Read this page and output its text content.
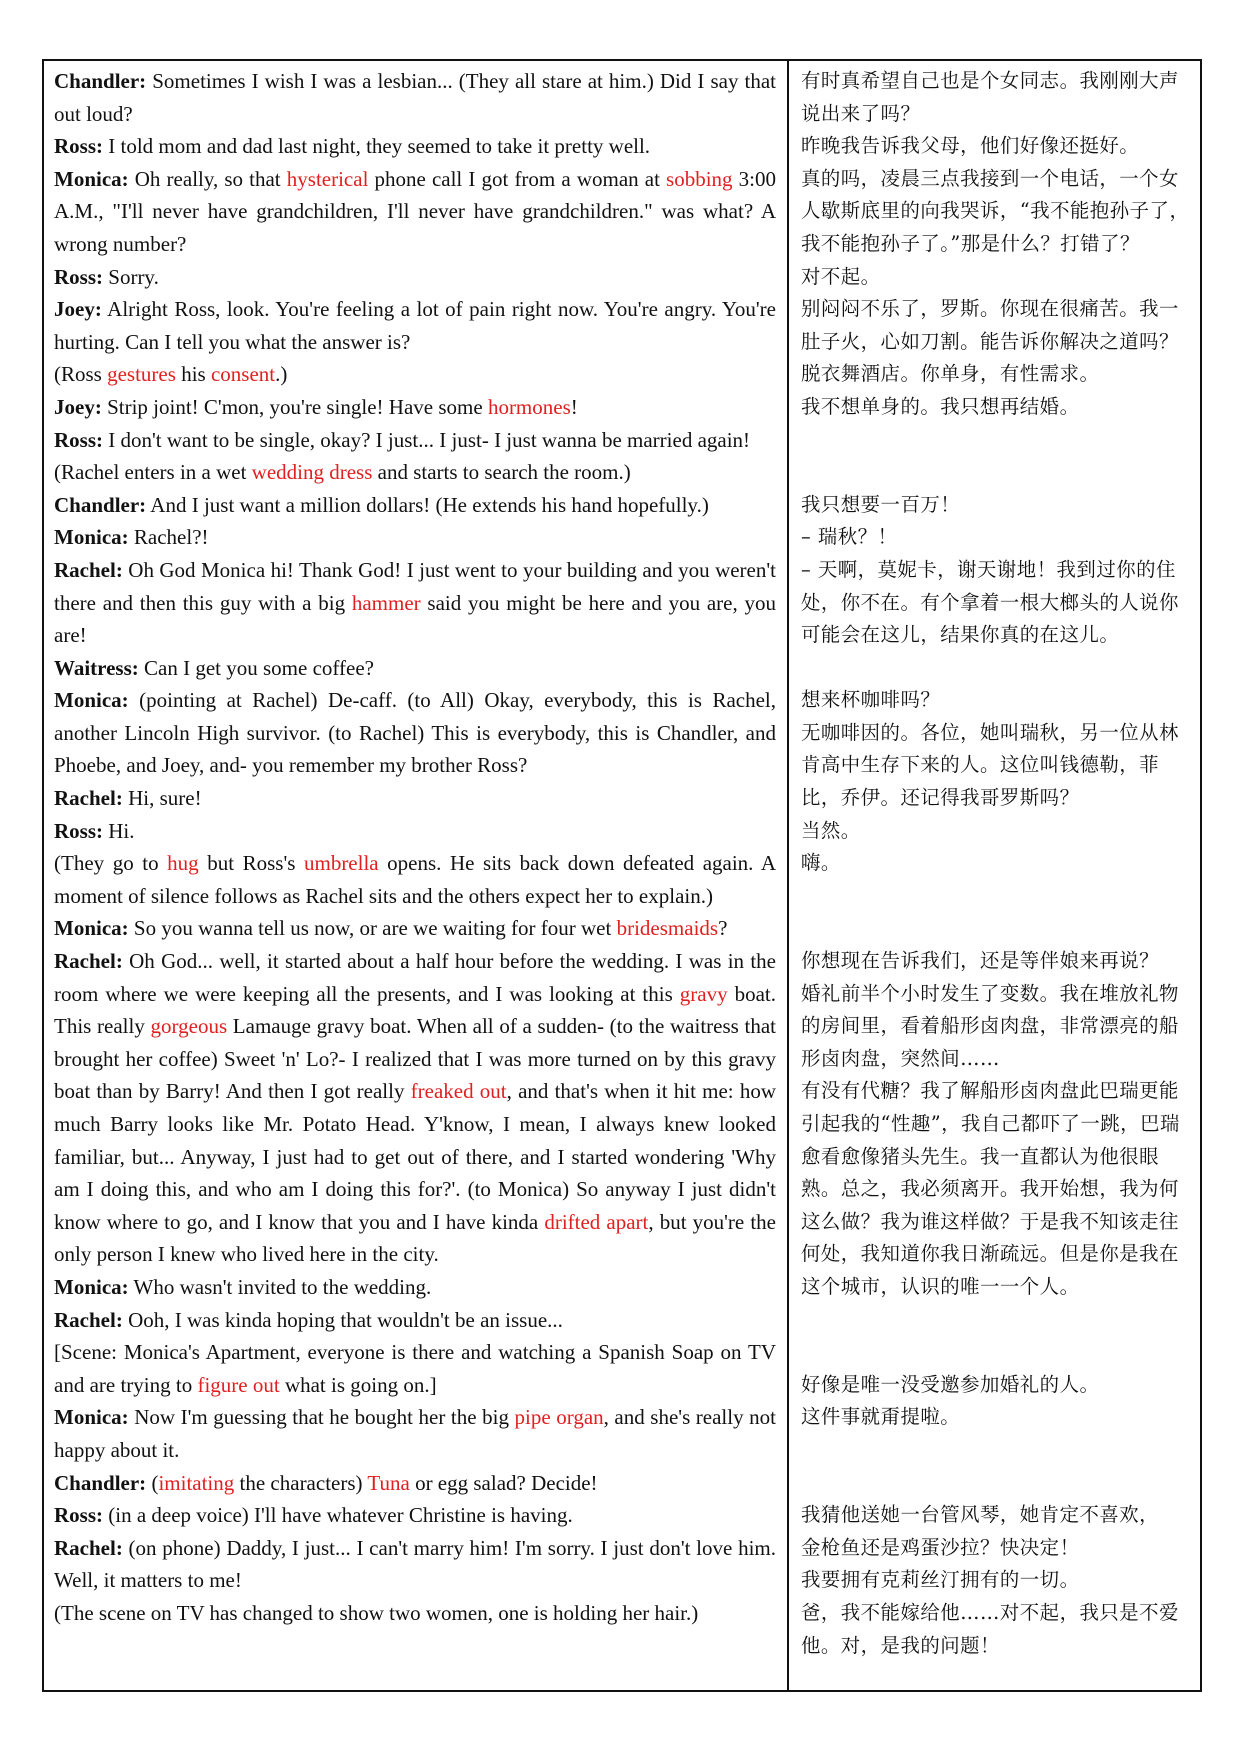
Chandler: Sometimes I wish I was a lesbian... (They all stare at him.) Did I say that out loud?

Ross: I told mom and dad last night, they seemed to take it pretty well.

Monica: Oh really, so that hysterical phone call I got from a woman at sobbing 3:00 A.M., "I'll never have grandchildren, I'll never have grandchildren." was what? A wrong number?

Ross: Sorry.

Joey: Alright Ross, look. You're feeling a lot of pain right now. You're angry. You're hurting. Can I tell you what the answer is?

(Ross gestures his consent.)

Joey: Strip joint! C'mon, you're single! Have some hormones!

Ross: I don't want to be single, okay? I just... I just- I just wanna be married again!

(Rachel enters in a wet wedding dress and starts to search the room.)

Chandler: And I just want a million dollars! (He extends his hand hopefully.)

Monica: Rachel?!

Rachel: Oh God Monica hi! Thank God! I just went to your building and you weren't there and then this guy with a big hammer said you might be here and you are, you are!

Waitress: Can I get you some coffee?

Monica: (pointing at Rachel) De-caff. (to All) Okay, everybody, this is Rachel, another Lincoln High survivor. (to Rachel) This is everybody, this is Chandler, and Phoebe, and Joey, and- you remember my brother Ross?

Rachel: Hi, sure!

Ross: Hi.

(They go to hug but Ross's umbrella opens. He sits back down defeated again. A moment of silence follows as Rachel sits and the others expect her to explain.)

Monica: So you wanna tell us now, or are we waiting for four wet bridesmaids?

Rachel: Oh God... well, it started about a half hour before the wedding. I was in the room where we were keeping all the presents, and I was looking at this gravy boat. This really gorgeous Lamauge gravy boat. When all of a sudden- (to the waitress that brought her coffee) Sweet 'n' Lo?- I realized that I was more turned on by this gravy boat than by Barry! And then I got really freaked out, and that's when it hit me: how much Barry looks like Mr. Potato Head. Y'know, I mean, I always knew looked familiar, but... Anyway, I just had to get out of there, and I started wondering 'Why am I doing this, and who am I doing this for?'. (to Monica) So anyway I just didn't know where to go, and I know that you and I have kinda drifted apart, but you're the only person I knew who lived here in the city.

Monica: Who wasn't invited to the wedding.

Rachel: Ooh, I was kinda hoping that wouldn't be an issue...

[Scene: Monica's Apartment, everyone is there and watching a Spanish Soap on TV and are trying to figure out what is going on.]

Monica: Now I'm guessing that he bought her the big pipe organ, and she's really not happy about it.

Chandler: (imitating the characters) Tuna or egg salad? Decide!

Ross: (in a deep voice) I'll have whatever Christine is having.

Rachel: (on phone) Daddy, I just... I can't marry him! I'm sorry. I just don't love him. Well, it matters to me!

(The scene on TV has changed to show two women, one is holding her hair.)

有时真希望自己也是个女同志。我刚刚大声说出来了吗？

昨晚我告诉我父母，他们好像还挺好。

真的吗，凌晨三点我接到一个电话，一个女人歇斯底里的向我哭诉，“我不能抱孙子了，我不能抱孙子了。”那是什么？打错了？

对不起。

别闷闷不乐了，罗斯。你现在很痛苦。我一肚子火，心如刀割。能告诉你解决之道吗？

脱衣舞酒店。你单身，有性需求。

我不想单身的。我只想再结婚。

我只想要一百万！

– 瑞秋？！

– 天啊，莫妮卡，谢天谢地！我到过你的住处，你不在。有个拿着一根大榔头的人说你可能会在这儿，结果你真的在这儿。

想来杯咖啡吗？

无咖啡因的。各位，她叫瑞秋，另一位从林肯高中生存下来的人。这位叫钱德勒，菲比，乔伊。还记得我哥罗斯吗？

当然。

嗨。

你想现在告诉我们，还是等伴娘来再说？

婚礼前半个小时发生了变数。我在堆放礼物的房间里，看着船形卤肉盘，非常漂亮的船形卤肉盘，突然间……

有没有代糖？我了解船形卤肉盘此巴瑞更能引起我的“性趣”，我自己都吓了一跳，巴瑞愈看愈像猪头先生。我一直都认为他很眼熟。总之，我必须离开。我开始想，我为何这么做？我为谁这样做？于是我不知该走往何处，我知道你我日渐疏远。但是你是我在这个城市，认识的唯一一个人。

好像是唯一没受邀参加婚礼的人。

这件事就甭提啦。

我猜他送她一台管风琴，她肯定不喜欢，

金枪鱼还是鸡蛋沙拉？快决定！

我要拥有克莉丝汀拥有的一切。

爸，我不能嫁给他……对不起，我只是不爱他。对，是我的问题！
